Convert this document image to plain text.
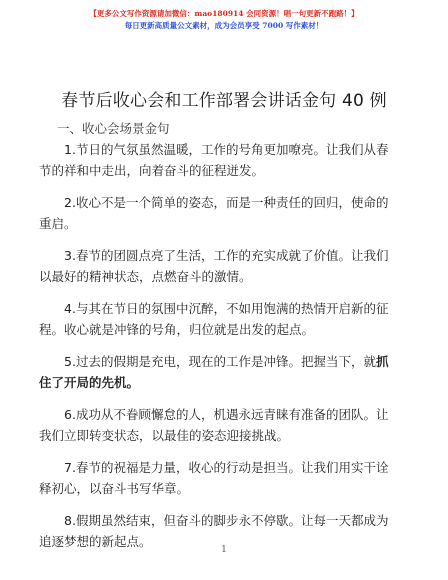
【更多公文写作资源请加微信：mao180914 会同资源！唱一句更新不跑路！】
每日更新高质量公文素材，成为会员享受 7000 写作素材！
春节后收心会和工作部署会讲话金句 40 例
一、收心会场景金句

1.节日的气氛虽然温暖，工作的号角更加嘹亮。让我们从春节的祥和中走出，向着奋斗的征程迸发。

2.收心不是一个简单的姿态，而是一种责任的回归，使命的重启。

3.春节的团圆点亮了生活，工作的充实成就了价值。让我们以最好的精神状态，点燃奋斗的激情。

4.与其在节日的氛围中沉醉，不如用饱满的热情开启新的征程。收心就是冲锋的号角，归位就是出发的起点。

5.过去的假期是充电，现在的工作是冲锋。把握当下，就抓住了开局的先机。

6.成功从不眷顾懈怠的人，机遇永远青睐有准备的团队。让我们立即转变状态，以最佳的姿态迎接挑战。

7.春节的祝福是力量，收心的行动是担当。让我们用实干诠释初心，以奋斗书写华章。

8.假期虽然结束，但奋斗的脚步永不停歇。让每一天都成为追逐梦想的新起点。

1
